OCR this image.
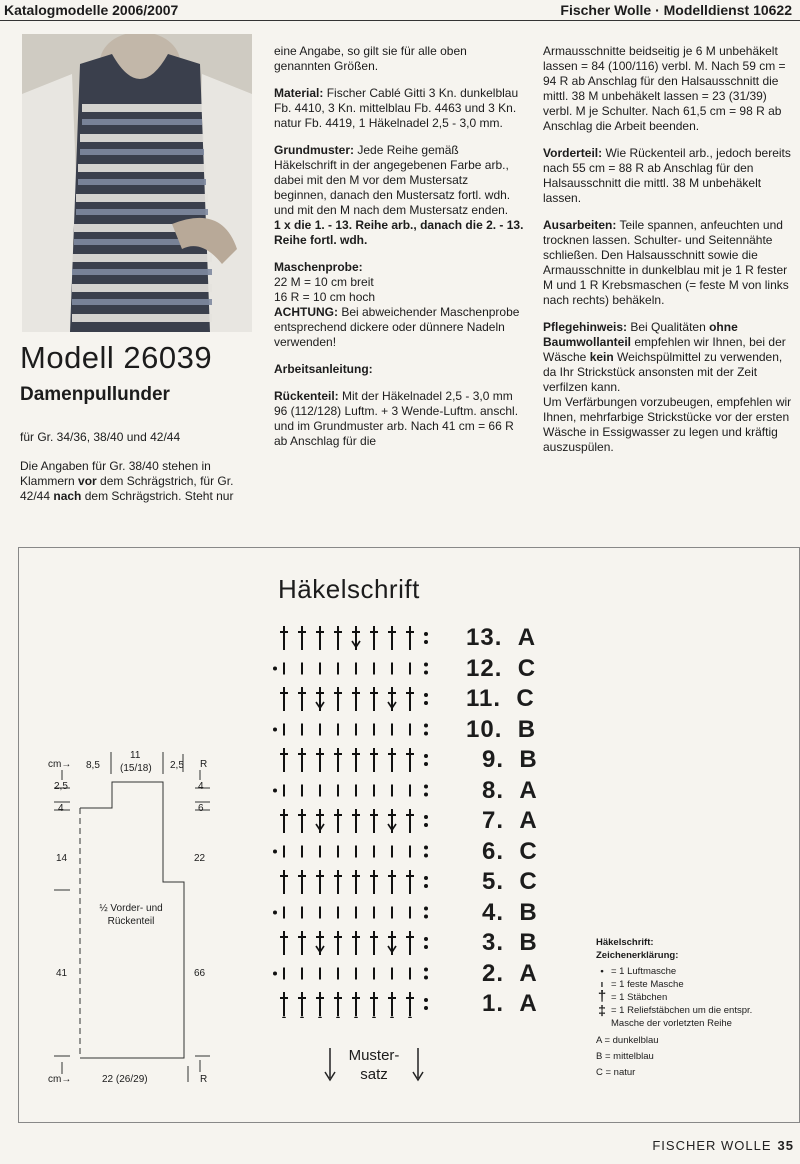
Katalogmodelle 2006/2007	Fischer Wolle · Modelldienst 10622
Modell 26039
Damenpullunder

für Gr. 34/36, 38/40 und 42/44

Die Angaben für Gr. 38/40 stehen in Klammern vor dem Schrägstrich, für Gr. 42/44 nach dem Schrägstrich. Steht nur

eine Angabe, so gilt sie für alle oben genannten Größen.

Material: Fischer Cablé Gitti 3 Kn. dunkelblau Fb. 4410, 3 Kn. mittelblau Fb. 4463 und 3 Kn. natur Fb. 4419, 1 Häkelnadel 2,5 - 3,0 mm.

Grundmuster: Jede Reihe gemäß Häkelschrift in der angegebenen Farbe arb., dabei mit den M vor dem Mustersatz beginnen, danach den Mustersatz fortl. wdh. und mit den M nach dem Mustersatz enden.
1 x die 1. - 13. Reihe arb., danach die 2. - 13. Reihe fortl. wdh.

Maschenprobe:
22 M = 10 cm breit
16 R = 10 cm hoch
ACHTUNG: Bei abweichender Maschenprobe entsprechend dickere oder dünnere Nadeln verwenden!

Arbeitsanleitung:

Rückenteil: Mit der Häkelnadel 2,5 - 3,0 mm 96 (112/128) Luftm. + 3 Wende-Luftm. anschl. und im Grundmuster arb. Nach 41 cm = 66 R ab Anschlag für die

Armausschnitte beidseitig je 6 M unbehäkelt lassen = 84 (100/116) verbl. M. Nach 59 cm = 94 R ab Anschlag für den Halsausschnitt die mittl. 38 M unbehäkelt lassen = 23 (31/39) verbl. M je Schulter. Nach 61,5 cm = 98 R ab Anschlag die Arbeit beenden.

Vorderteil: Wie Rückenteil arb., jedoch bereits nach 55 cm = 88 R ab Anschlag für den Halsausschnitt die mittl. 38 M unbehäkelt lassen.

Ausarbeiten: Teile spannen, anfeuchten und trocknen lassen. Schulter- und Seitennähte schließen. Den Halsausschnitt sowie die Armausschnitte in dunkelblau mit je 1 R fester M und 1 R Krebsmaschen (= feste M von links nach rechts) behäkeln.

Pflegehinweis: Bei Qualitäten ohne Baumwollanteil empfehlen wir Ihnen, bei der Wäsche kein Weichspülmittel zu verwenden, da Ihr Strickstück ansonsten mit der Zeit verfilzen kann.
Um Verfärbungen vorzubeugen, empfehlen wir Ihnen, mehrfarbige Strickstücke vor der ersten Wäsche in Essigwasser zu legen und kräftig auszuspülen.

Häkelschrift
13.  A
12.  C
11.  C
10.  B
9.  B
8.  A
7.  A
6.  C
5.  C
4.  B
3.  B
2.  A
1.  A
Muster-
satz
Häkelschrift:
Zeichenerklärung:
• = 1 Luftmasche
ı = 1 feste Masche
† = 1 Stäbchen
‡ = 1 Reliefstäbchen um die entspr.
Masche der vorletzten Reihe
A = dunkelblau
B = mittelblau
C = natur
cm→	R
8,5
11
(15/18) 2,5
2,5
4
14
41
4
6
22
66
½ Vorder- und
Rückenteil
cm→	22 (26/29)	R
FISCHER WOLLE 35
